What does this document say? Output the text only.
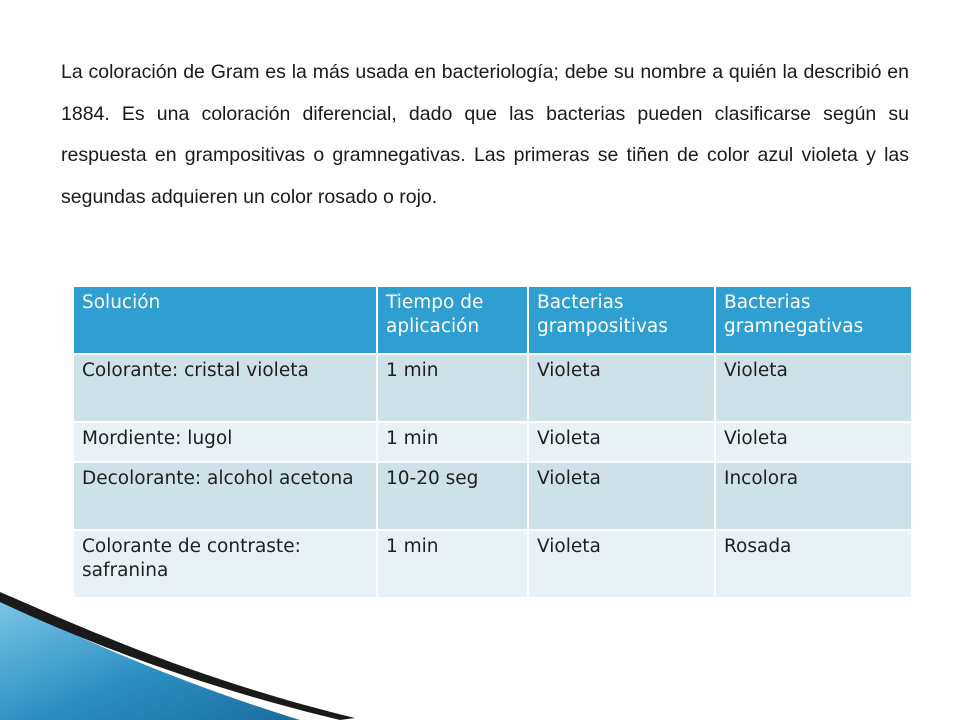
La coloración de Gram es la más usada en bacteriología; debe su nombre a quién la describió en 1884. Es una coloración diferencial, dado que las bacterias pueden clasificarse según su respuesta en grampositivas o gramnegativas. Las primeras se tiñen de color azul violeta y las segundas adquieren un color rosado o rojo.

Solución	Tiempo de aplicación	Bacterias grampositivas	Bacterias gramnegativas
Colorante: cristal violeta	1 min	Violeta	Violeta
Mordiente: lugol	1 min	Violeta	Violeta
Decolorante: alcohol acetona	10-20 seg	Violeta	Incolora
Colorante de contraste: safranina	1 min	Violeta	Rosada
